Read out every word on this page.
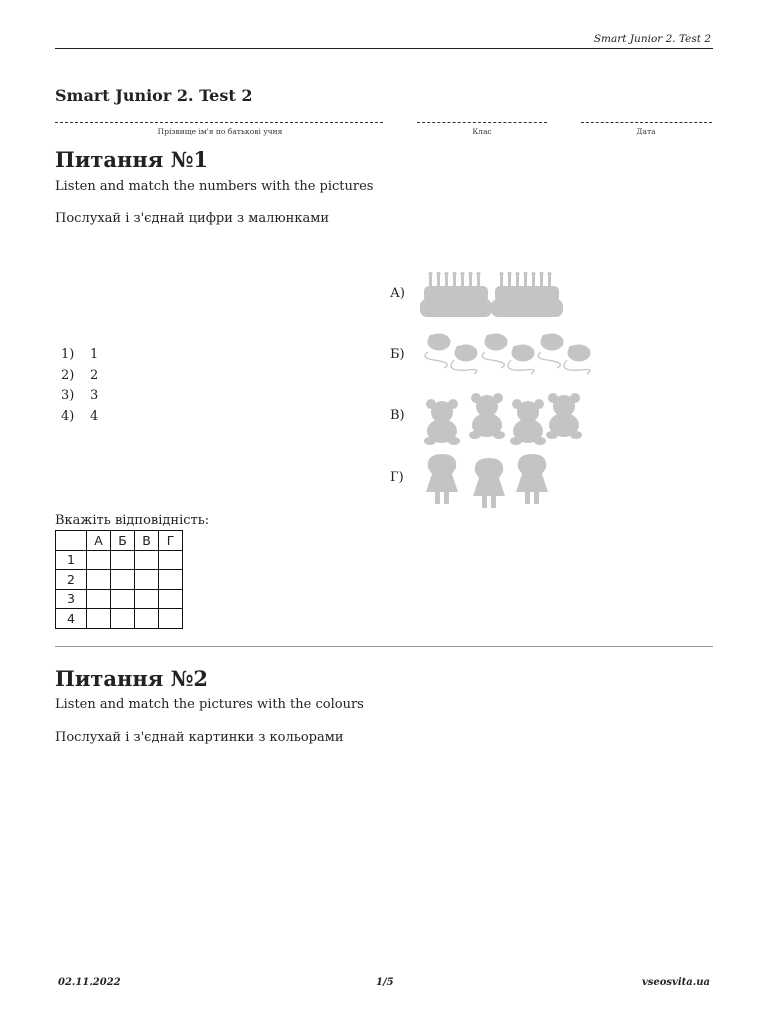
Smart Junior 2. Test 2
Smart Junior 2. Test 2
Прізвище ім'я по батькові учня	Клас	Дата
Питання №1
Listen and match the numbers with the pictures
Послухай і з'єднай цифри з малюнками
1)	1
2)	2
3)	3
4)	4
А)
Б)
В)
Г)
Вкажіть відповідність:
	А	Б	В	Г
1				
2				
3				
4				
Питання №2
Listen and match the pictures with the colours
Послухай і з'єднай картинки з кольорами
02.11.2022	1/5	vseosvita.ua
